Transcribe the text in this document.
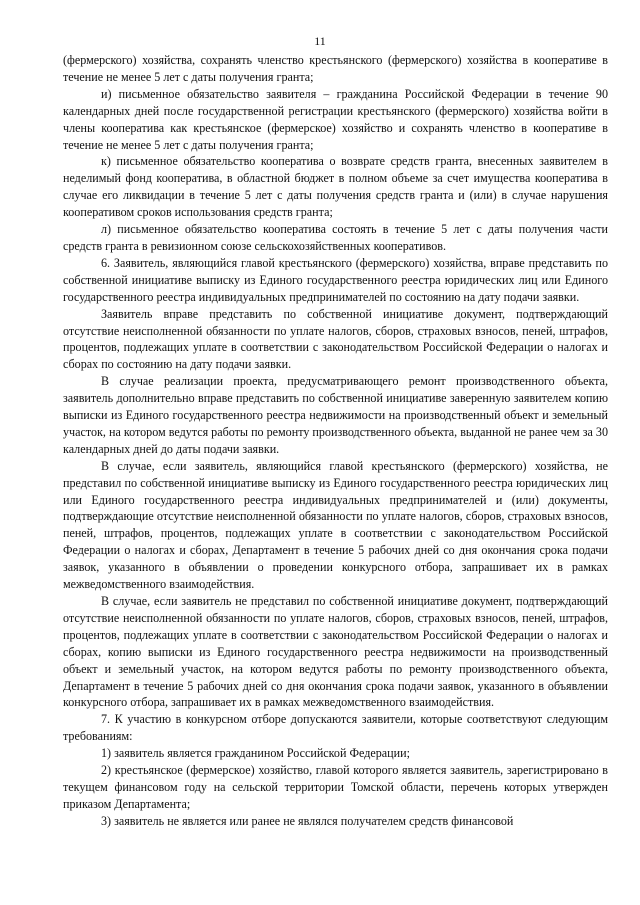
11

(фермерского) хозяйства, сохранять членство крестьянского (фермерского) хозяйства в кооперативе в течение не менее 5 лет с даты получения гранта;

и) письменное обязательство заявителя – гражданина Российской Федерации в течение 90 календарных дней после государственной регистрации крестьянского (фермерского) хозяйства войти в члены кооператива как крестьянское (фермерское) хозяйство и сохранять членство в кооперативе в течение не менее 5 лет с даты получения гранта;

к) письменное обязательство кооператива о возврате средств гранта, внесенных заявителем в неделимый фонд кооператива, в областной бюджет в полном объеме за счет имущества кооператива в случае его ликвидации в течение 5 лет с даты получения средств гранта и (или) в случае нарушения кооперативом сроков использования средств гранта;

л) письменное обязательство кооператива состоять в течение 5 лет с даты получения части средств гранта в ревизионном союзе сельскохозяйственных кооперативов.

6. Заявитель, являющийся главой крестьянского (фермерского) хозяйства, вправе представить по собственной инициативе выписку из Единого государственного реестра юридических лиц или Единого государственного реестра индивидуальных предпринимателей по состоянию на дату подачи заявки.

Заявитель вправе представить по собственной инициативе документ, подтверждающий отсутствие неисполненной обязанности по уплате налогов, сборов, страховых взносов, пеней, штрафов, процентов, подлежащих уплате в соответствии с законодательством Российской Федерации о налогах и сборах по состоянию на дату подачи заявки.

В случае реализации проекта, предусматривающего ремонт производственного объекта, заявитель дополнительно вправе представить по собственной инициативе заверенную заявителем копию выписки из Единого государственного реестра недвижимости на производственный объект и земельный участок, на котором ведутся работы по ремонту производственного объекта, выданной не ранее чем за 30 календарных дней до даты подачи заявки.

В случае, если заявитель, являющийся главой крестьянского (фермерского) хозяйства, не представил по собственной инициативе выписку из Единого государственного реестра юридических лиц или Единого государственного реестра индивидуальных предпринимателей и (или) документы, подтверждающие отсутствие неисполненной обязанности по уплате налогов, сборов, страховых взносов, пеней, штрафов, процентов, подлежащих уплате в соответствии с законодательством Российской Федерации о налогах и сборах, Департамент в течение 5 рабочих дней со дня окончания срока подачи заявок, указанного в объявлении о проведении конкурсного отбора, запрашивает их в рамках межведомственного взаимодействия.

В случае, если заявитель не представил по собственной инициативе документ, подтверждающий отсутствие неисполненной обязанности по уплате налогов, сборов, страховых взносов, пеней, штрафов, процентов, подлежащих уплате в соответствии с законодательством Российской Федерации о налогах и сборах, копию выписки из Единого государственного реестра недвижимости на производственный объект и земельный участок, на котором ведутся работы по ремонту производственного объекта, Департамент в течение 5 рабочих дней со дня окончания срока подачи заявок, указанного в объявлении конкурсного отбора, запрашивает их в рамках межведомственного взаимодействия.

7. К участию в конкурсном отборе допускаются заявители, которые соответствуют следующим требованиям:

1) заявитель является гражданином Российской Федерации;

2) крестьянское (фермерское) хозяйство, главой которого является заявитель, зарегистрировано в текущем финансовом году на сельской территории Томской области, перечень которых утвержден приказом Департамента;

3) заявитель не является или ранее не являлся получателем средств финансовой
